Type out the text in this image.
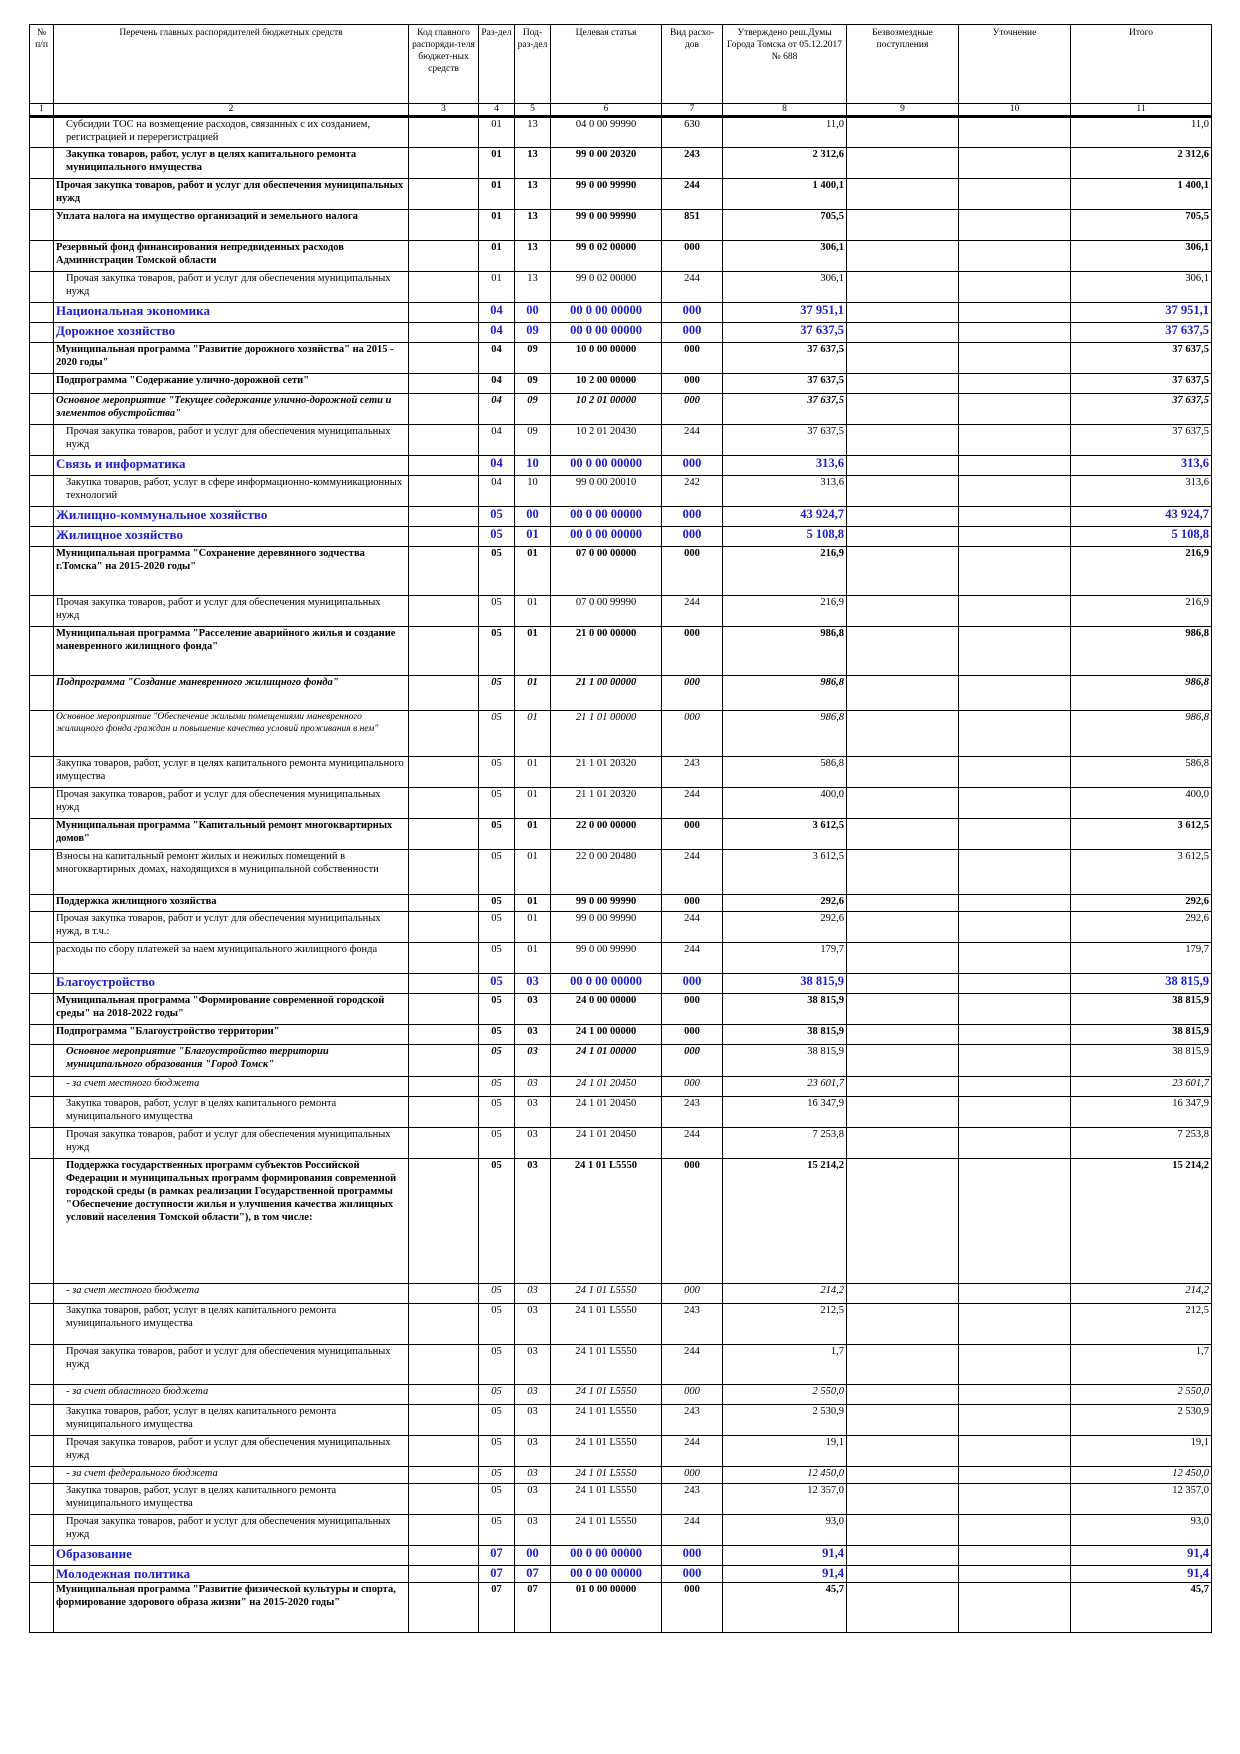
№ п/п	Перечень главных распорядителей бюджетных средств	Код главного распоряди-теля бюджет-ных средств	Раз-дел	Под-раз-дел	Целевая статья	Вид расхо-дов	Утверждено реш.Думы Города Томска от 05.12.2017 № 688	Безвозмездные поступления	Уточнение	Итого
1	2	3	4	5	6	7	8	9	10	11
	Субсидии ТОС на возмещение расходов, связанных с их созданием, регистрацией и перерегистрацией		01	13	04 0 00 99990	630	11,0			11,0
	Закупка товаров, работ, услуг в целях капитального ремонта муниципального имущества		01	13	99 0 00 20320	243	2 312,6			2 312,6
	Прочая закупка товаров, работ и услуг для обеспечения муниципальных нужд		01	13	99 0 00 99990	244	1 400,1			1 400,1
	Уплата налога на имущество организаций и земельного налога		01	13	99 0 00 99990	851	705,5			705,5
	Резервный фонд финансирования непредвиденных расходов Администрации Томской области		01	13	99 0 02 00000	000	306,1			306,1
	Прочая закупка товаров, работ и услуг для обеспечения муниципальных нужд		01	13	99 0 02 00000	244	306,1			306,1
	Национальная экономика		04	00	00 0 00 00000	000	37 951,1			37 951,1
	Дорожное хозяйство		04	09	00 0 00 00000	000	37 637,5			37 637,5
	Муниципальная программа "Развитие дорожного хозяйства" на 2015 - 2020 годы"		04	09	10 0 00 00000	000	37 637,5			37 637,5
	Подпрограмма "Содержание улично-дорожной сети"		04	09	10 2 00 00000	000	37 637,5			37 637,5
	Основное мероприятие "Текущее содержание улично-дорожной сети и элементов обустройства"		04	09	10 2 01 00000	000	37 637,5			37 637,5
	Прочая закупка товаров, работ и услуг для обеспечения муниципальных нужд		04	09	10 2 01 20430	244	37 637,5			37 637,5
	Связь и информатика		04	10	00 0 00 00000	000	313,6			313,6
	Закупка товаров, работ, услуг в сфере информационно-коммуникационных технологий		04	10	99 0 00 20010	242	313,6			313,6
	Жилищно-коммунальное хозяйство		05	00	00 0 00 00000	000	43 924,7			43 924,7
	Жилищное хозяйство		05	01	00 0 00 00000	000	5 108,8			5 108,8
	Муниципальная программа "Сохранение деревянного зодчества г.Томска" на 2015-2020 годы"		05	01	07 0 00 00000	000	216,9			216,9
	Прочая закупка товаров, работ и услуг для обеспечения муниципальных нужд		05	01	07 0 00 99990	244	216,9			216,9
	Муниципальная программа "Расселение аварийного жилья и создание маневренного жилищного фонда"		05	01	21 0 00 00000	000	986,8			986,8
	Подпрограмма "Создание маневренного жилищного фонда"		05	01	21 1 00 00000	000	986,8			986,8
	Основное мероприятие "Обеспечение жилыми помещениями маневренного жилищного фонда граждан и повышение качества условий проживания в нем"		05	01	21 1 01 00000	000	986,8			986,8
	Закупка товаров, работ, услуг в целях капитального ремонта муниципального имущества		05	01	21 1 01 20320	243	586,8			586,8
	Прочая закупка товаров, работ и услуг для обеспечения муниципальных нужд		05	01	21 1 01 20320	244	400,0			400,0
	Муниципальная программа "Капитальный ремонт многоквартирных домов"		05	01	22 0 00 00000	000	3 612,5			3 612,5
	Взносы на капитальный ремонт жилых и нежилых помещений в многоквартирных домах, находящихся в муниципальной собственности		05	01	22 0 00 20480	244	3 612,5			3 612,5
	Поддержка жилищного хозяйства		05	01	99 0 00 99990	000	292,6			292,6
	Прочая закупка товаров, работ и услуг для обеспечения муниципальных нужд, в т.ч.:		05	01	99 0 00 99990	244	292,6			292,6
	расходы по сбору платежей за наем муниципального жилищного фонда		05	01	99 0 00 99990	244	179,7			179,7
	Благоустройство		05	03	00 0 00 00000	000	38 815,9			38 815,9
	Муниципальная программа "Формирование современной городской среды" на 2018-2022 годы"		05	03	24 0 00 00000	000	38 815,9			38 815,9
	Подпрограмма "Благоустройство территории"		05	03	24 1 00 00000	000	38 815,9			38 815,9
	Основное мероприятие "Благоустройство территории муниципального образования "Город Томск"		05	03	24 1 01 00000	000	38 815,9			38 815,9
	- за счет местного бюджета		05	03	24 1 01 20450	000	23 601,7			23 601,7
	Закупка товаров, работ, услуг в целях капитального ремонта муниципального имущества		05	03	24 1 01 20450	243	16 347,9			16 347,9
	Прочая закупка товаров, работ и услуг для обеспечения муниципальных нужд		05	03	24 1 01 20450	244	7 253,8			7 253,8
	Поддержка государственных программ субъектов Российской Федерации и муниципальных программ формирования современной городской среды (в рамках реализации Государственной программы "Обеспечение доступности жилья и улучшения качества жилищных условий населения Томской области"), в том числе:		05	03	24 1 01 L5550	000	15 214,2			15 214,2
	- за счет местного бюджета		05	03	24 1 01 L5550	000	214,2			214,2
	Закупка товаров, работ, услуг в целях капитального ремонта муниципального имущества		05	03	24 1 01 L5550	243	212,5			212,5
	Прочая закупка товаров, работ и услуг для обеспечения муниципальных нужд		05	03	24 1 01 L5550	244	1,7			1,7
	- за счет областного бюджета		05	03	24 1 01 L5550	000	2 550,0			2 550,0
	Закупка товаров, работ, услуг в целях капитального ремонта муниципального имущества		05	03	24 1 01 L5550	243	2 530,9			2 530,9
	Прочая закупка товаров, работ и услуг для обеспечения муниципальных нужд		05	03	24 1 01 L5550	244	19,1			19,1
	- за счет федерального бюджета		05	03	24 1 01 L5550	000	12 450,0			12 450,0
	Закупка товаров, работ, услуг в целях капитального ремонта муниципального имущества		05	03	24 1 01 L5550	243	12 357,0			12 357,0
	Прочая закупка товаров, работ и услуг для обеспечения муниципальных нужд		05	03	24 1 01 L5550	244	93,0			93,0
	Образование		07	00	00 0 00 00000	000	91,4			91,4
	Молодежная политика		07	07	00 0 00 00000	000	91,4			91,4
	Муниципальная программа "Развитие физической культуры и спорта, формирование здорового образа жизни" на 2015-2020 годы"		07	07	01 0 00 00000	000	45,7			45,7
